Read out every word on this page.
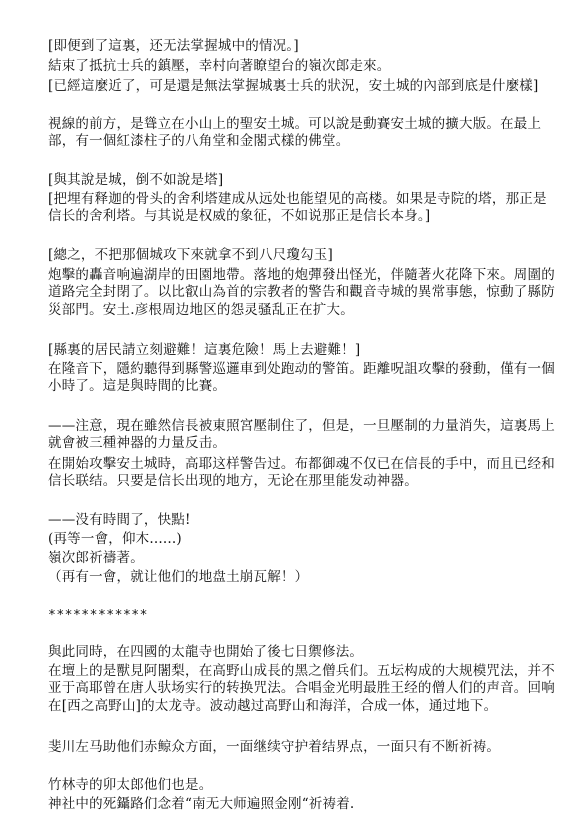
[即便到了這裏，还无法掌握城中的情况。]

結束了抵抗士兵的鎮壓，幸村向著瞭望台的嶺次郎走來。

[已經這麼近了，可是還是無法掌握城裏士兵的狀況，安土城的內部到底是什麼樣]

視線的前方，是聳立在小山上的聖安土城。可以說是動賽安土城的擴大版。在最上部，有一個紅漆柱子的八角堂和金閣式樣的佛堂。

[與其說是城，倒不如說是塔]

[把埋有释迦的骨头的舍利塔建成从远处也能望见的高楼。如果是寺院的塔，那正是信长的舍利塔。与其说是权威的象征，不如说那正是信长本身。]

[總之，不把那個城攻下來就拿不到八尺瓊勾玉]

炮擊的轟音响遍湖岸的田園地帶。落地的炮彈發出怪光，伴隨著火花降下來。周圍的道路完全封閉了。以比叡山為首的宗教者的警告和觀音寺城的異常事態，惊動了縣防災部門。安土.彦根周边地区的怨灵骚乱正在扩大。

[縣裏的居民請立刻避難！這裏危險！馬上去避難！]

在隆音下，隱約聽得到縣警巡邏車到处跑动的警笛。距離呪詛攻擊的發動，僅有一個小時了。這是與時間的比賽。

——注意，現在雖然信長被東照宮壓制住了，但是，一旦壓制的力量消失，這裏馬上就會被三種神器的力量反击。

在開始攻擊安土城時，高耶这样警告过。布都御魂不仅已在信長的手中，而且已经和信长联结。只要是信长出现的地方，无论在那里能发动神器。

——没有時間了，快點!

(再等一會，仰木......)

嶺次郎祈禱著。

（再有一會，就让他们的地盘土崩瓦解！）

************

與此同時，在四國的太龍寺也開始了後七日禦修法。

在壇上的是獸見阿闍梨，在高野山成長的黑之僧兵们。五坛构成的大规模咒法，并不亚于高耶曾在唐人驮场实行的转换咒法。合唱金光明最胜王经的僧人们的声音。回响在[西之高野山]的太龙寺。波动越过高野山和海洋，合成一体，通过地下。

斐川左马助他们赤鲸众方面，一面继续守护着结界点，一面只有不断祈祷。

竹林寺的卯太郎他们也是。

神社中的死鑷路们念着“南无大师遍照金刚“祈祷着.
